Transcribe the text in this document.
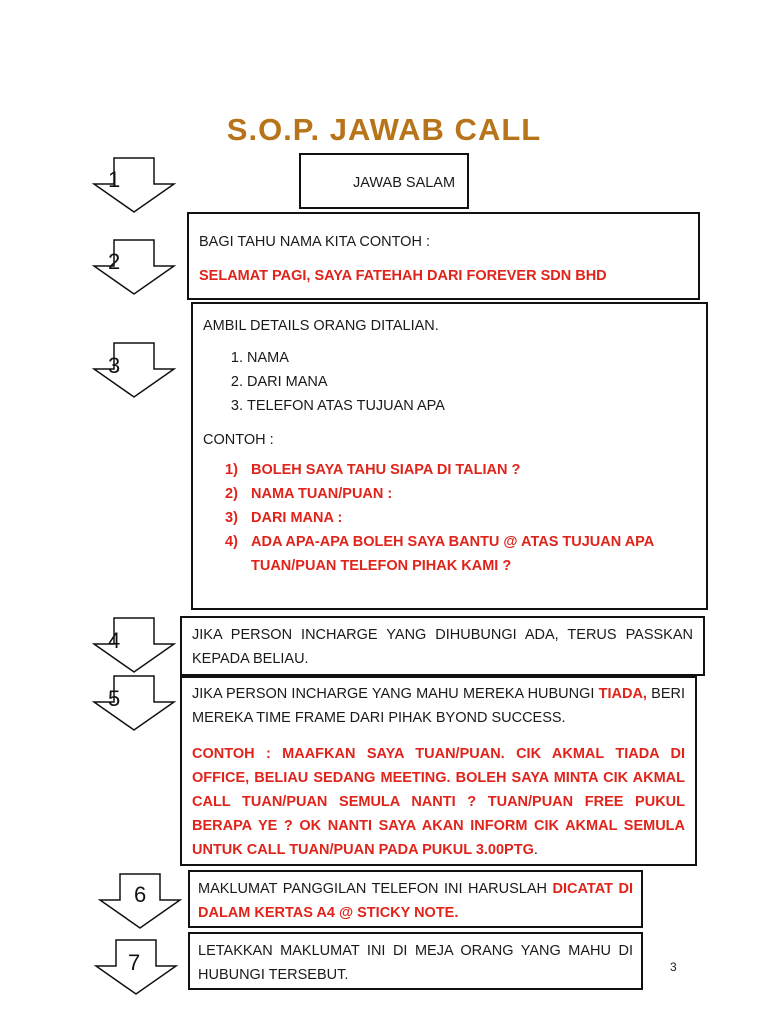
S.O.P. JAWAB CALL
1
2
3
4
5
6
7

JAWAB SALAM

BAGI TAHU NAMA KITA CONTOH :

SELAMAT PAGI, SAYA FATEHAH DARI FOREVER SDN BHD

AMBIL DETAILS ORANG DITALIAN.

1. NAMA
2. DARI MANA
3. TELEFON ATAS TUJUAN APA

CONTOH :

BOLEH SAYA TAHU SIAPA DI TALIAN ?
NAMA TUAN/PUAN :
DARI MANA :
ADA APA-APA BOLEH SAYA BANTU @ ATAS TUJUAN APA TUAN/PUAN TELEFON PIHAK KAMI ?

JIKA PERSON INCHARGE YANG DIHUBUNGI ADA, TERUS PASSKAN KEPADA BELIAU.

JIKA PERSON INCHARGE YANG MAHU MEREKA HUBUNGI TIADA, BERI MEREKA TIME FRAME DARI PIHAK BYOND SUCCESS.

CONTOH : MAAFKAN SAYA TUAN/PUAN. CIK AKMAL TIADA DI OFFICE, BELIAU SEDANG MEETING. BOLEH SAYA MINTA CIK AKMAL CALL TUAN/PUAN SEMULA NANTI ? TUAN/PUAN FREE PUKUL BERAPA YE ? OK NANTI SAYA AKAN INFORM CIK AKMAL SEMULA UNTUK CALL TUAN/PUAN PADA PUKUL 3.00PTG.

MAKLUMAT PANGGILAN TELEFON INI HARUSLAH DICATAT DI DALAM KERTAS A4 @ STICKY NOTE.

LETAKKAN MAKLUMAT INI DI MEJA ORANG YANG MAHU DI HUBUNGI TERSEBUT.	3
